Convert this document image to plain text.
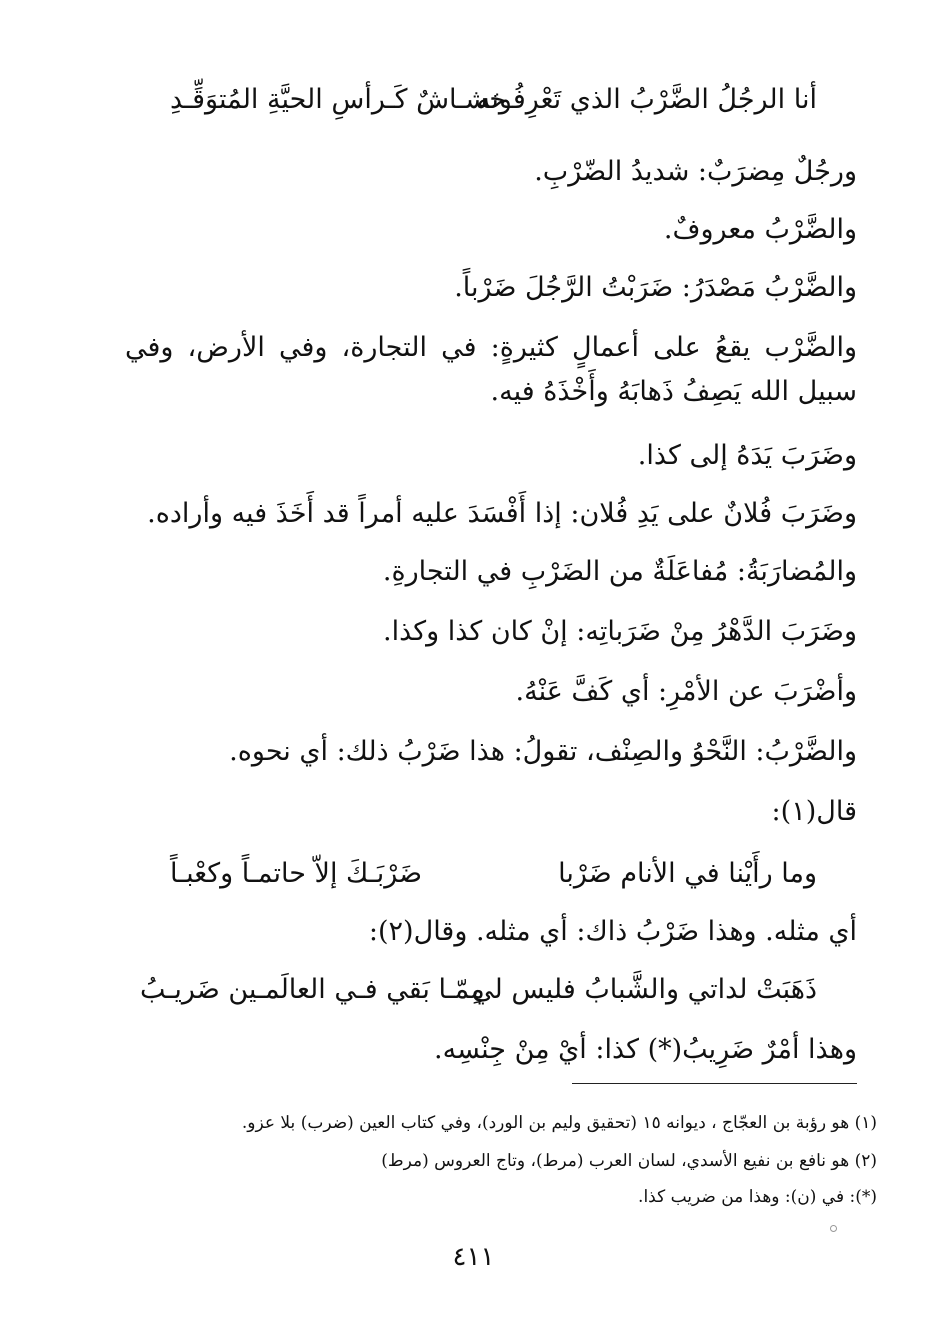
أنا الرجُلُ الضَّرْبُ الذي تَعْرِفُونه
خشـاشٌ كَـرأسِ الحيَّةِ المُتوَقِّـدِ
ورجُلٌ مِضرَبٌ: شديدُ الضّرْبِ.
والضَّرْبُ معروفٌ.
والضَّرْبُ مَصْدَرُ: ضَرَبْتُ الرَّجُلَ ضَرْباً.
والضَّرْب يقعُ على أعمالٍ كثيرةٍ: في التجارة، وفي الأرض، وفي سبيل الله يَصِفُ ذَهابَهُ وأَخْذَهُ فيه.
وضَرَبَ يَدَهُ إلى كذا.
وضَرَبَ فُلانٌ على يَدِ فُلان: إذا أَفْسَدَ عليه أمراً قد أَخَذَ فيه وأراده.
والمُضارَبَةُ: مُفاعَلَةٌ من الضَرْبِ في التجارةِ.
وضَرَبَ الدَّهْرُ مِنْ ضَرَباتِه: إنْ كان كذا وكذا.
وأضْرَبَ عن الأمْرِ: أي كَفَّ عَنْهُ.
والضَّرْبُ: النَّحْوُ والصِنْف، تقولُ: هذا ضَرْبُ ذلك: أي نحوه.
قال(١):
وما رأَيْنا في الأنام ضَرْبا
ضَرْبَـكَ إلاّ حاتمـاً وكعْبـاً
أي مثله. وهذا ضَرْبُ ذاك: أي مثله. وقال(٢):
ذَهَبَتْ لداتي والشَّبابُ فليس لي
مِمّـا بَقي فـي العالَمـين ضَريـبُ
وهذا أمْرٌ ضَرِيبُ(*) كذا: أيْ مِنْ جِنْسِه.
(١) هو رؤبة بن العجّاج ، ديوانه ١٥ (تحقيق وليم بن الورد)، وفي كتاب العين (ضرب) بلا عزو.
(٢) هو نافع بن نفيع الأسدي، لسان العرب (مرط)، وتاج العروس (مرط)
(*): في (ن): وهذا من ضريب كذا.
٤١١
